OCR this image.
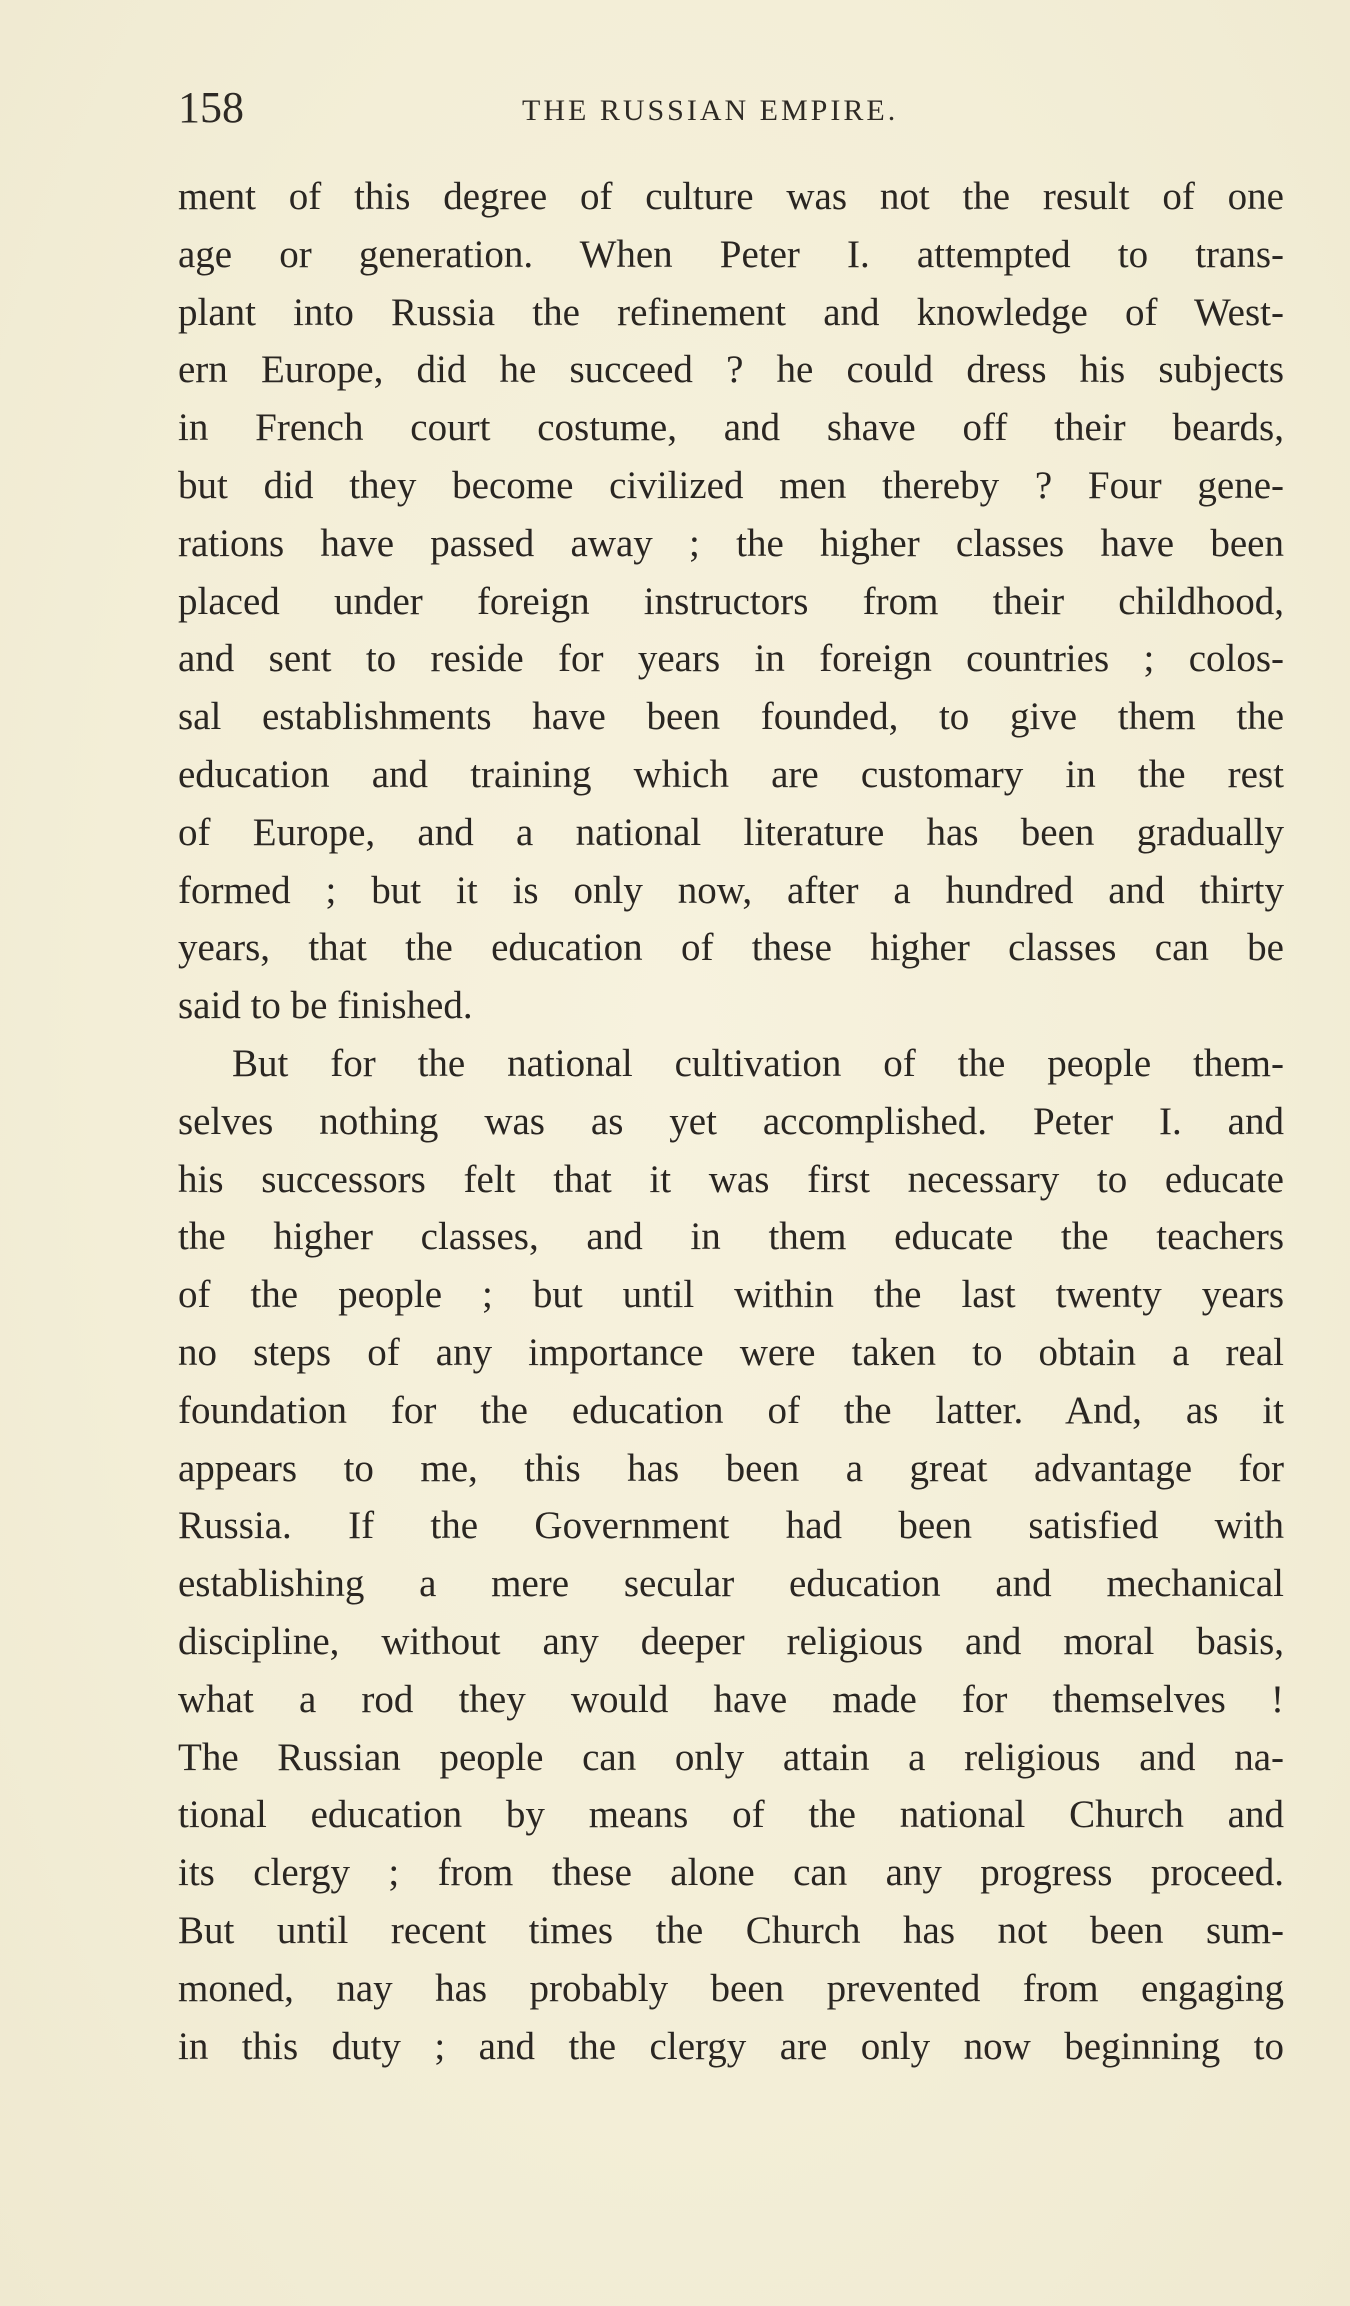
158	THE RUSSIAN EMPIRE.
ment of this degree of culture was not the result of one
age or generation. When Peter I. attempted to trans-
plant into Russia the refinement and knowledge of West-
ern Europe, did he succeed ? he could dress his subjects
in French court costume, and shave off their beards,
but did they become civilized men thereby ? Four gene-
rations have passed away ; the higher classes have been
placed under foreign instructors from their childhood,
and sent to reside for years in foreign countries ; colos-
sal establishments have been founded, to give them the
education and training which are customary in the rest
of Europe, and a national literature has been gradually
formed ; but it is only now, after a hundred and thirty
years, that the education of these higher classes can be
said to be finished.
But for the national cultivation of the people them-
selves nothing was as yet accomplished. Peter I. and
his successors felt that it was first necessary to educate
the higher classes, and in them educate the teachers
of the people ; but until within the last twenty years
no steps of any importance were taken to obtain a real
foundation for the education of the latter. And, as it
appears to me, this has been a great advantage for
Russia. If the Government had been satisfied with
establishing a mere secular education and mechanical
discipline, without any deeper religious and moral basis,
what a rod they would have made for themselves !
The Russian people can only attain a religious and na-
tional education by means of the national Church and
its clergy ; from these alone can any progress proceed.
But until recent times the Church has not been sum-
moned, nay has probably been prevented from engaging
in this duty ; and the clergy are only now beginning to
